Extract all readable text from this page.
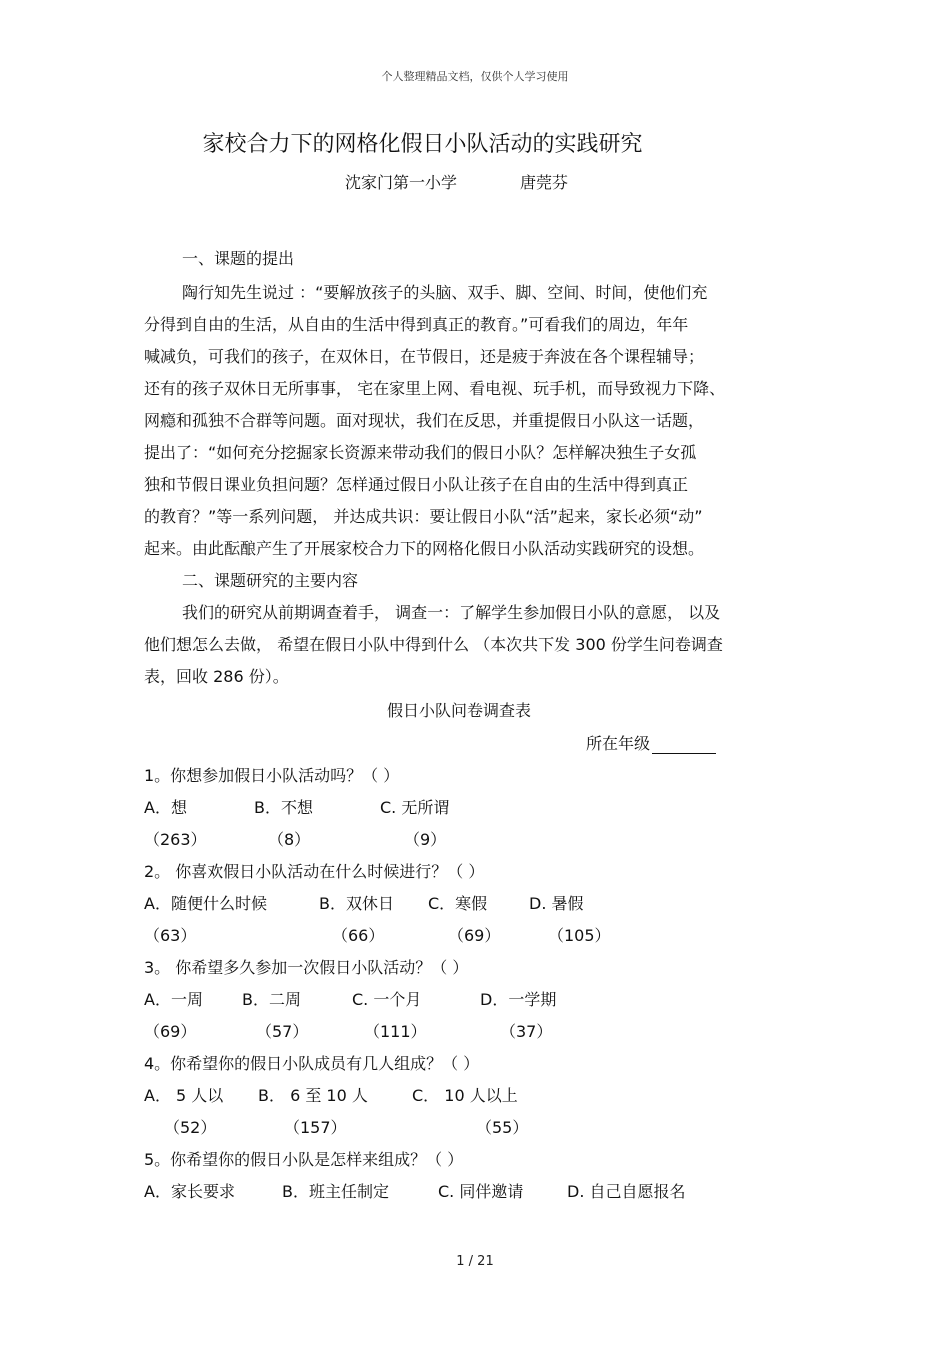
个人整理精品文档，仅供个人学习使用
家校合力下的网格化假日小队活动的实践研究
沈家门第一小学	唐莞芬
一、课题的提出
陶行知先生说过 ：“要解放孩子的头脑、双手、脚、空间、时间，使他们充
分得到自由的生活，从自由的生活中得到真正的教育。”可看我们的周边，年年
喊减负，可我们的孩子，在双休日，在节假日，还是疲于奔波在各个课程辅导；
还有的孩子双休日无所事事， 宅在家里上网、看电视、玩手机，而导致视力下降、
网瘾和孤独不合群等问题。面对现状，我们在反思，并重提假日小队这一话题，
提出了：“如何充分挖掘家长资源来带动我们的假日小队？怎样解决独生子女孤
独和节假日课业负担问题？怎样通过假日小队让孩子在自由的生活中得到真正
的教育？”等一系列问题， 并达成共识：要让假日小队“活”起来，家长必须“动”
起来。由此酝酿产生了开展家校合力下的网格化假日小队活动实践研究的设想。
二、课题研究的主要内容
我们的研究从前期调查着手， 调查一：了解学生参加假日小队的意愿， 以及
他们想怎么去做， 希望在假日小队中得到什么 （本次共下发 300 份学生问卷调查
表，回收 286 份）。
假日小队问卷调查表
所在年级
1。你想参加假日小队活动吗？（ ）
A．想	B．不想	C. 无所谓
（263）	（8）	（9）
2。 你喜欢假日小队活动在什么时候进行？（ ）
A．随便什么时候	B．双休日 C．寒假	D. 暑假
（63）	（66）	（69）	（105）
3。 你希望多久参加一次假日小队活动？（ ）
A．一周 B．二周	C. 一个月	D．一学期
（69）	（57）	（111）	（37）
4。你希望你的假日小队成员有几人组成？（ ）
A． 5 人以 B． 6 至 10 人	C． 10 人以上
（52）	（157）	（55）
5。你希望你的假日小队是怎样来组成？（ ）
A．家长要求	B．班主任制定	C. 同伴邀请	D. 自己自愿报名
1 / 21
